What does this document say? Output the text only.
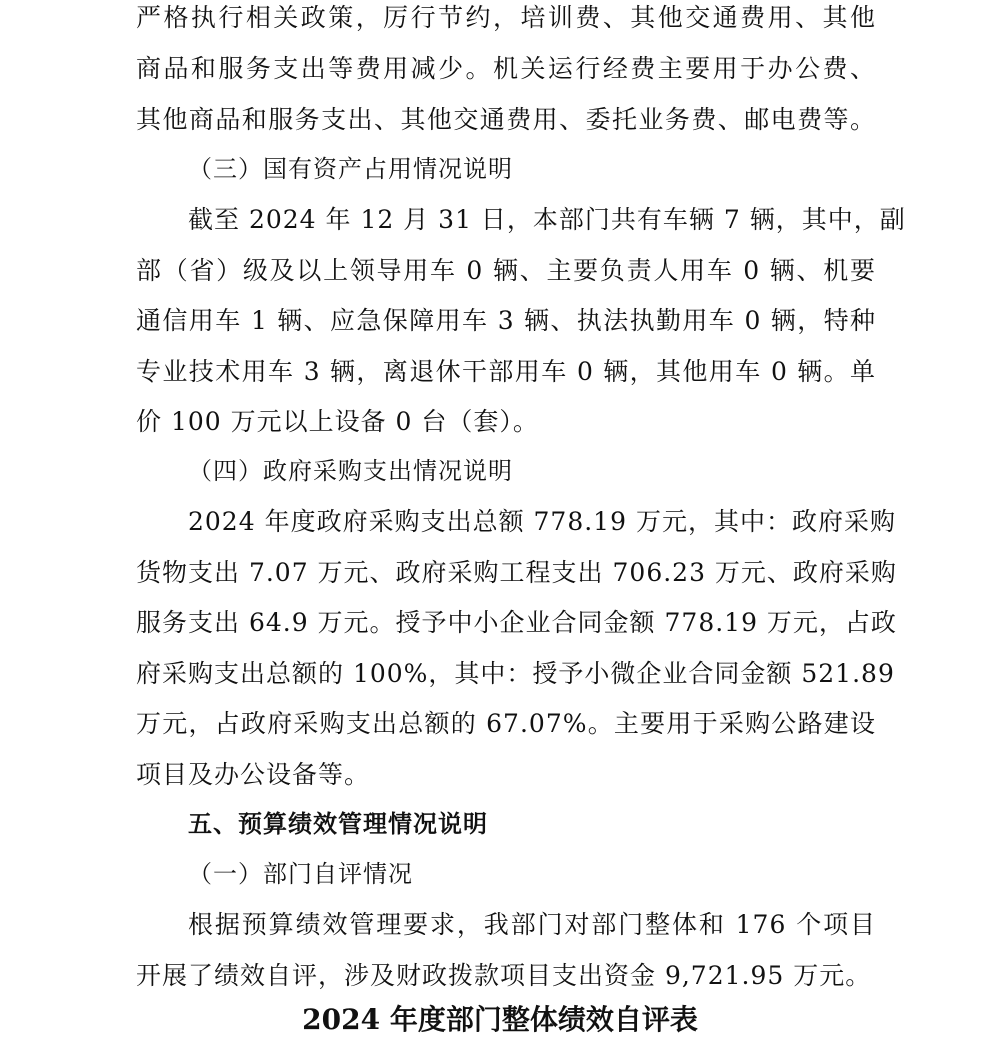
严格执行相关政策，厉行节约，培训费、其他交通费用、其他
商品和服务支出等费用减少。机关运行经费主要用于办公费、
其他商品和服务支出、其他交通费用、委托业务费、邮电费等。
（三）国有资产占用情况说明
截至 2024 年 12 月 31 日，本部门共有车辆 7 辆，其中，副
部（省）级及以上领导用车 0 辆、主要负责人用车 0 辆、机要
通信用车 1 辆、应急保障用车 3 辆、执法执勤用车 0 辆，特种
专业技术用车 3 辆，离退休干部用车 0 辆，其他用车 0 辆。单
价 100 万元以上设备 0 台（套）。
（四）政府采购支出情况说明
2024 年度政府采购支出总额 778.19 万元，其中：政府采购
货物支出 7.07 万元、政府采购工程支出 706.23 万元、政府采购
服务支出 64.9 万元。授予中小企业合同金额 778.19 万元，占政
府采购支出总额的 100%，其中：授予小微企业合同金额 521.89
万元，占政府采购支出总额的 67.07%。主要用于采购公路建设
项目及办公设备等。
五、预算绩效管理情况说明
（一）部门自评情况
根据预算绩效管理要求，我部门对部门整体和 176 个项目
开展了绩效自评，涉及财政拨款项目支出资金 9,721.95 万元。
2024 年度部门整体绩效自评表
